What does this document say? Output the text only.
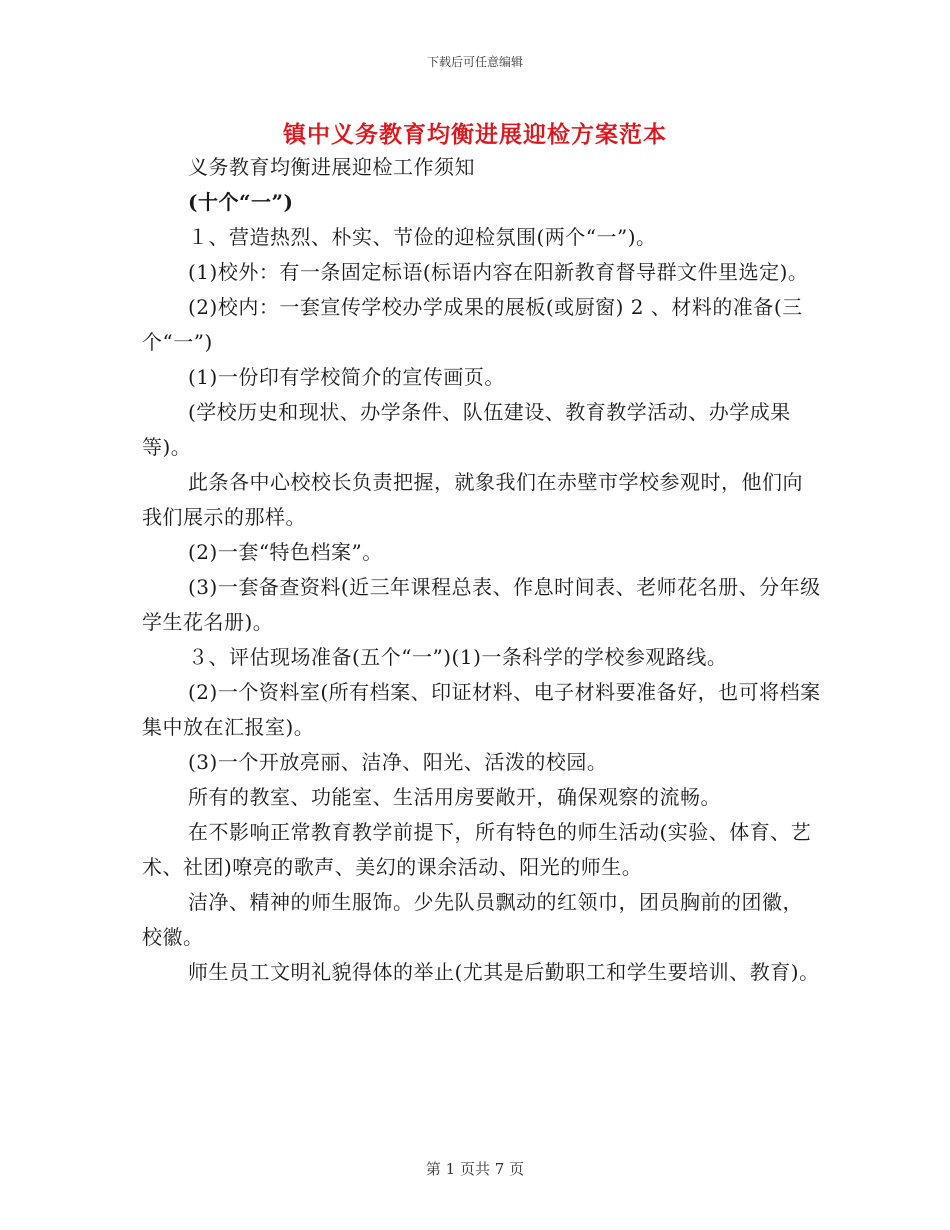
下载后可任意编辑
镇中义务教育均衡进展迎检方案范本

义务教育均衡进展迎检工作须知

(十个“一”)

１、营造热烈、朴实、节俭的迎检氛围(两个“一”)。

(1)校外：有一条固定标语(标语内容在阳新教育督导群文件里选定)。

(2)校内：一套宣传学校办学成果的展板(或厨窗) 2 、材料的准备(三个“一”)

(1)一份印有学校简介的宣传画页。

(学校历史和现状、办学条件、队伍建设、教育教学活动、办学成果等)。

此条各中心校校长负责把握，就象我们在赤壁市学校参观时，他们向我们展示的那样。

(2)一套“特色档案”。

(3)一套备查资料(近三年课程总表、作息时间表、老师花名册、分年级学生花名册)。

３、评估现场准备(五个“一”)(1)一条科学的学校参观路线。

(2)一个资料室(所有档案、印证材料、电子材料要准备好，也可将档案集中放在汇报室)。

(3)一个开放亮丽、洁净、阳光、活泼的校园。

所有的教室、功能室、生活用房要敞开，确保观察的流畅。

在不影响正常教育教学前提下，所有特色的师生活动(实验、体育、艺术、社团)嘹亮的歌声、美幻的课余活动、阳光的师生。

洁净、精神的师生服饰。少先队员飘动的红领巾，团员胸前的团徽，校徽。

师生员工文明礼貌得体的举止(尤其是后勤职工和学生要培训、教育)。

第 1 页共 7 页
